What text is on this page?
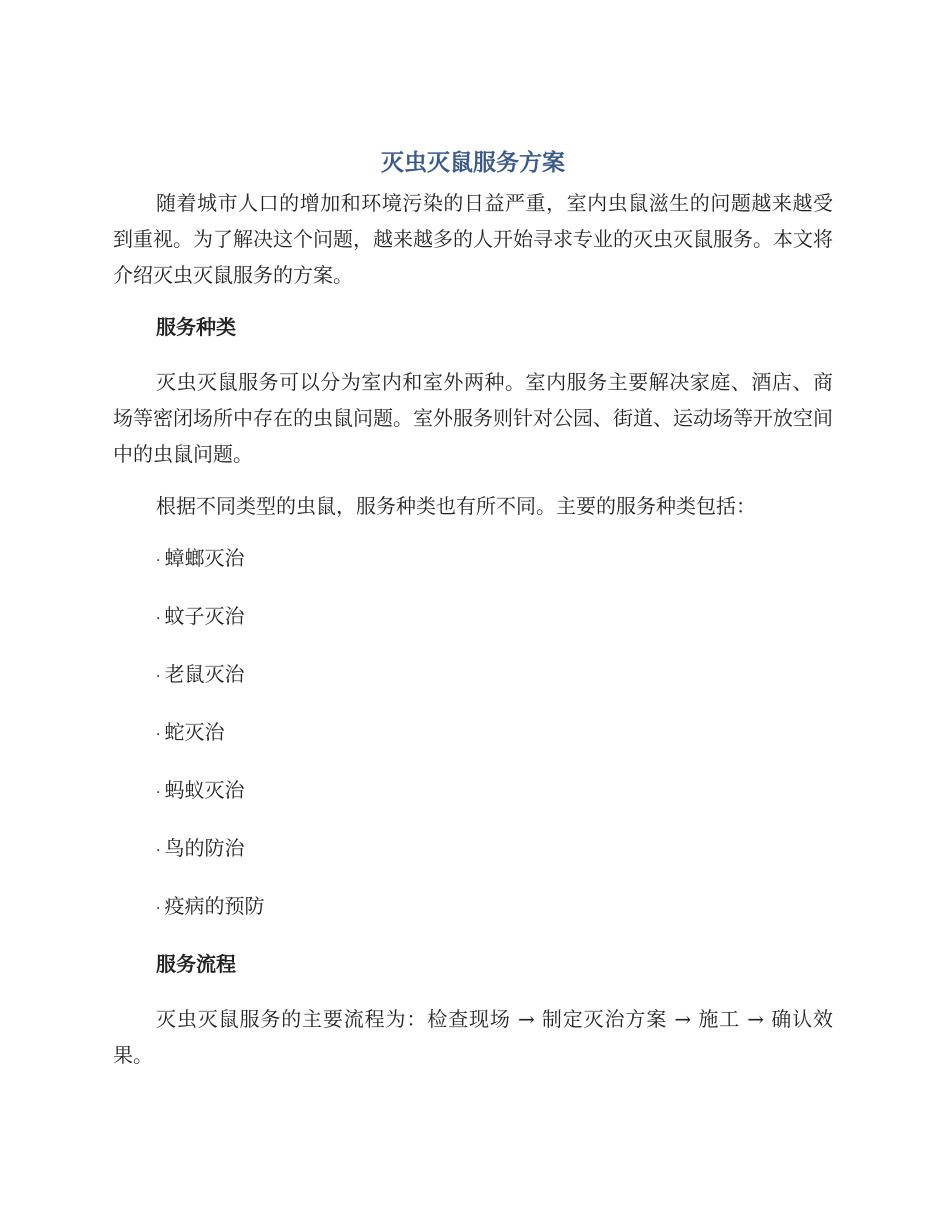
灭虫灭鼠服务方案

随着城市人口的增加和环境污染的日益严重，室内虫鼠滋生的问题越来越受到重视。为了解决这个问题，越来越多的人开始寻求专业的灭虫灭鼠服务。本文将介绍灭虫灭鼠服务的方案。

服务种类

灭虫灭鼠服务可以分为室内和室外两种。室内服务主要解决家庭、酒店、商场等密闭场所中存在的虫鼠问题。室外服务则针对公园、街道、运动场等开放空间中的虫鼠问题。

根据不同类型的虫鼠，服务种类也有所不同。主要的服务种类包括：

· 蟑螂灭治
· 蚊子灭治
· 老鼠灭治
· 蛇灭治
· 蚂蚁灭治
· 鸟的防治
· 疫病的预防
服务流程

灭虫灭鼠服务的主要流程为：检查现场 → 制定灭治方案 → 施工 → 确认效果。
